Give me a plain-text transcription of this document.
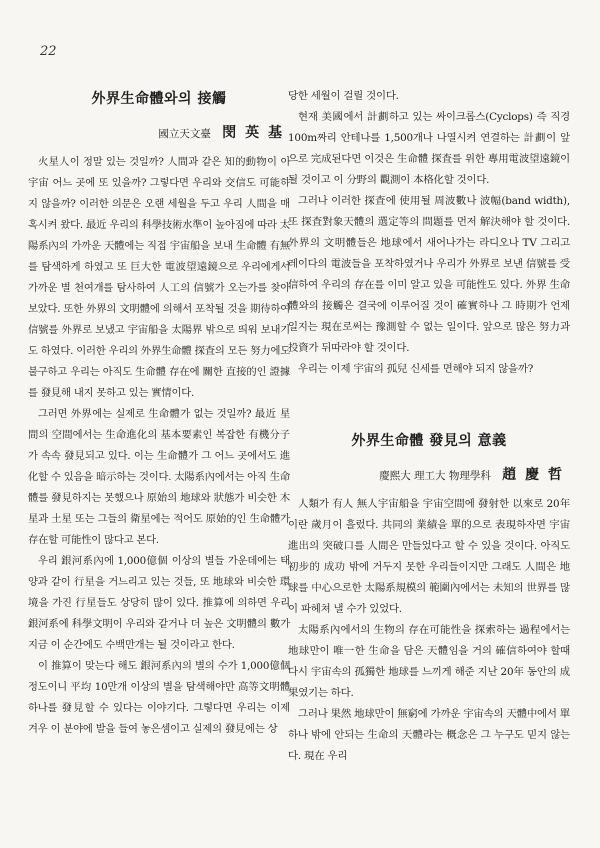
22
外界生命體와의 接觸
國立天文臺 閔 英 基

火星人이 정말 있는 것일까? 人間과 같은 知的動物이 이 宇宙 어느 곳에 또 있을까? 그렇다면 우리와 交信도 可能하지 않을까? 이러한 의문은 오랜 세월을 두고 우리 人間을 매혹시켜 왔다. 最近 우리의 科學技術水準이 높아짐에 따라 太陽系內의 가까운 天體에는 직접 宇宙船을 보내 生命體 有無를 탐색하게 하였고 또 巨大한 電波望遠鏡으로 우리에게서 가까운 별 천여개를 탐사하여 人工의 信號가 오는가를 찾아보았다. 또한 外界의 文明體에 의해서 포착될 것을 期待하여 信號를 外界로 보냈고 宇宙船을 太陽界 밖으로 띄워 보내기도 하였다. 이러한 우리의 外界生命體 探査의 모든 努力에도 불구하고 우리는 아직도 生命體 存在에 關한 直接的인 證據를 發見해 내지 못하고 있는 實情이다.

그러면 外界에는 실제로 生命體가 없는 것일까? 最近 星間의 空間에서는 生命進化의 基本要素인 복잡한 有機分子가 속속 發見되고 있다. 이는 生命體가 그 어느 곳에서도 進化할 수 있음을 暗示하는 것이다. 太陽系內에서는 아직 生命體를 發見하지는 못했으나 原始의 地球와 狀態가 비슷한 木星과 土星 또는 그들의 衛星에는 적어도 原始的인 生命體가 存在할 可能性이 많다고 본다.

우리 銀河系內에 1,000億個 이상의 별들 가운데에는 태양과 같이 行星을 거느리고 있는 것들, 또 地球와 비슷한 環境을 가진 行星들도 상당히 많이 있다. 推算에 의하면 우리 銀河系에 科學文明이 우리와 같거나 더 높은 文明體의 數가 지금 이 순간에도 수백만개는 될 것이라고 한다.

이 推算이 맞는다 해도 銀河系內의 별의 수가 1,000億個 정도이니 平均 10만개 이상의 별을 탐색해야만 高等文明體 하나를 發見할 수 있다는 이야기다. 그렇다면 우리는 이제 겨우 이 분야에 발을 들여 놓은셈이고 실제의 發見에는 상

당한 세월이 걸릴 것이다.

현재 美國에서 計劃하고 있는 싸이크롭스(Cyclops) 즉 직경 100m짜리 안테나를 1,500개나 나열시켜 연결하는 計劃이 앞으로 完成된다면 이것은 生命體 探査를 위한 專用電波望遠鏡이 될 것이고 이 分野의 觀測이 本格化할 것이다.

그러나 이러한 探査에 使用될 周波數나 波幅(band width), 또 探査對象天體의 選定等의 問題를 먼저 解決해야 할 것이다. 外界의 文明體들은 地球에서 새어나가는 라디오나 TV 그리고 레이다의 電波들을 포착하였거나 우리가 外界로 보낸 信號를 受信하여 우리의 存在를 이미 알고 있을 可能性도 있다. 外界 生命體와의 接觸은 결국에 이루어질 것이 確實하나 그 時期가 언제일지는 現在로써는 豫測할 수 없는 일이다. 앞으로 많은 努力과 投資가 뒤따라야 할 것이다.

우리는 이제 宇宙의 孤兒 신세를 면해야 되지 않을까?

外界生命體 發見의 意義
慶熙大 理工大 物理學科 趙 慶 哲

人類가 有人 無人宇宙船을 宇宙空間에 發射한 以來로 20年이란 歲月이 흘렀다. 共同의 業績을 單的으로 表現하자면 宇宙進出의 突破口를 人間은 만들었다고 할 수 있을 것이다. 아직도 初步的 成功 밖에 거두지 못한 우리들이지만 그래도 人間은 地球를 中心으로한 太陽系規模의 範圍內에서는 未知의 世界를 많이 파헤쳐 낼 수가 있었다.

太陽系內에서의 生物의 存在可能性을 探索하는 過程에서는 地球만이 唯一한 生命을 담은 天體임을 거의 確信하여야 할때 다시 宇宙속의 孤獨한 地球를 느끼게 해준 지난 20年 동안의 成果였기는 하다.

그러나 果然 地球만이 無窮에 가까운 宇宙속의 天體中에서 單하나 밖에 안되는 生命의 天體라는 概念은 그 누구도 믿지 않는다. 現在 우리
